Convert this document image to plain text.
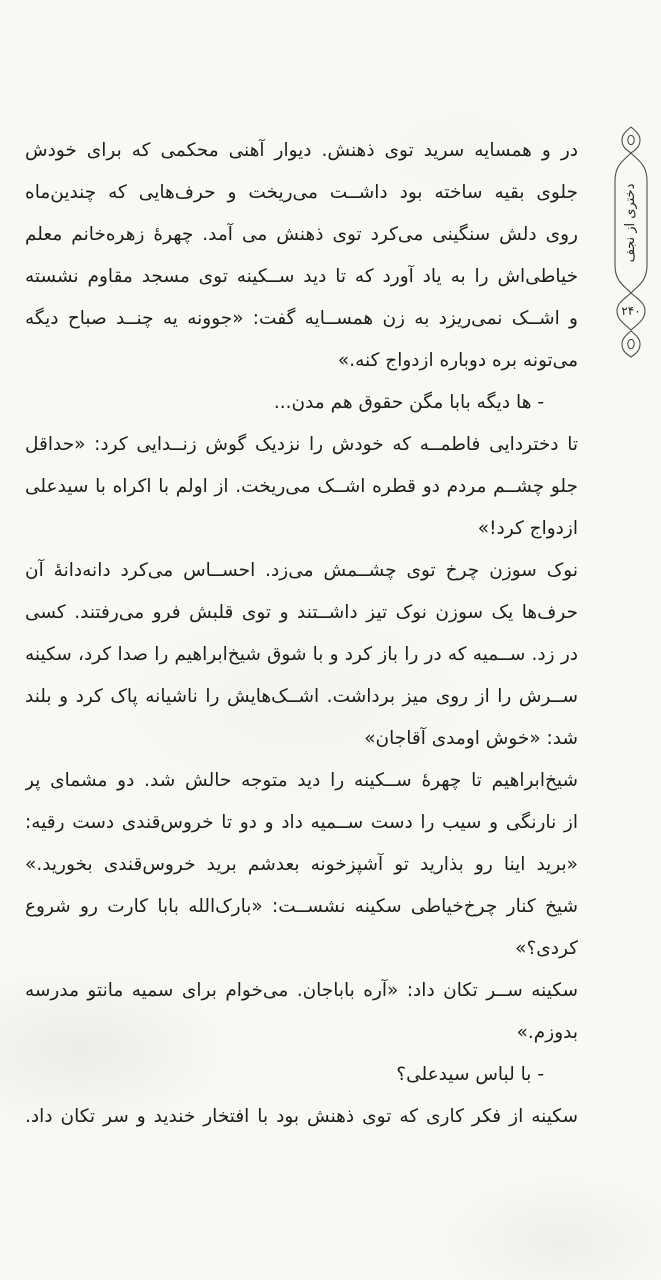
دختری از نجف
۲۴۰
در و همسایه سرید توی ذهنش. دیوار آهنی محکمی که برای خودش
جلوی بقیه ساخته بود داشــت می‌ریخت و حرف‌هایی که چندین‌ماه
روی دلش سنگینی می‌کرد توی ذهنش می آمد. چهرهٔ زهره‌خانم معلم
خیاطی‌اش را به یاد آورد که تا دید ســکینه توی مسجد مقاوم نشسته
و اشــک نمی‌ریزد به زن همســایه گفت: «جوونه یه چنــد صباح دیگه
می‌تونه بره دوباره ازدواج کنه.»
- ها دیگه بابا مگن حقوق هم مدن...
تا دختردایی فاطمــه که خودش را نزدیک گوش زنــدایی کرد: «حداقل
جلو چشــم مردم دو قطره اشــک می‌ریخت. از اولم با اکراه با سیدعلی
ازدواج کرد!»
نوک سوزن چرخ توی چشــمش می‌زد. احســاس می‌کرد دانه‌دانهٔ آن
حرف‌ها یک سوزن نوک تیز داشــتند و توی قلبش فرو می‌رفتند. کسی
در زد. ســمیه که در را باز کرد و با شوق شیخ‌ابراهیم را صدا کرد، سکینه
ســرش را از روی میز برداشت. اشــک‌هایش را ناشیانه پاک کرد و بلند
شد: «خوش اومدی آقاجان»
شیخ‌ابراهیم تا چهرهٔ ســکینه را دید متوجه حالش شد. دو مشمای پر
از نارنگی و سیب را دست ســمیه داد و دو تا خروس‌قندی دست رقیه:
«برید اینا رو بذارید تو آشپزخونه بعدشم برید خروس‌قندی بخورید.»
شیخ کنار چرخ‌خیاطی سکینه نشســت: «بارک‌الله بابا کارت رو شروع
کردی؟»
سکینه ســر تکان داد: «آره باباجان. می‌خوام برای سمیه مانتو مدرسه
بدوزم.»
- با لباس سیدعلی؟
سکینه از فکر کاری که توی ذهنش بود با افتخار خندید و سر تکان داد.
